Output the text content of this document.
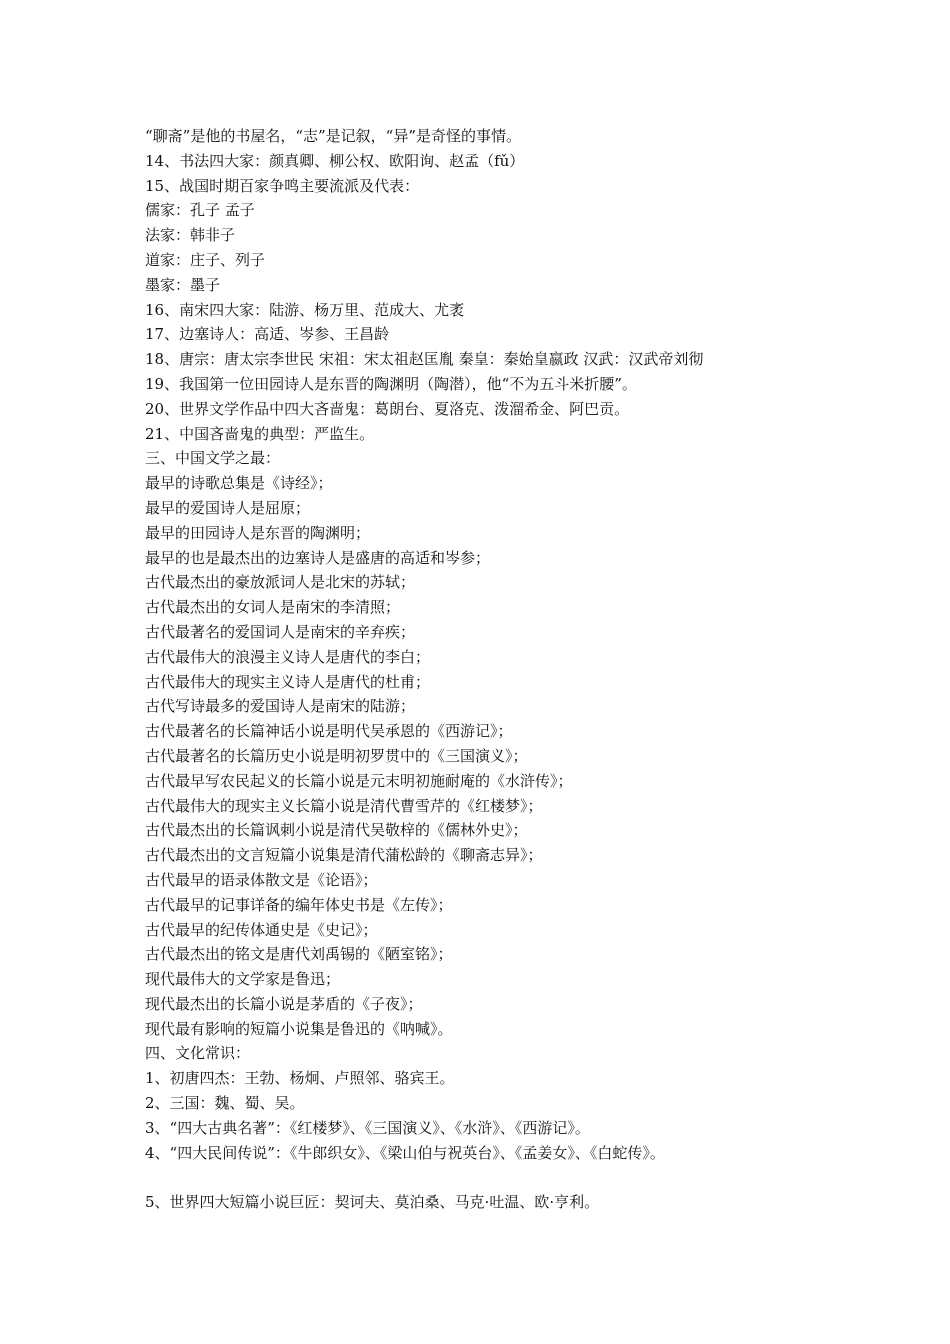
“聊斋”是他的书屋名，“志”是记叙，“异”是奇怪的事情。
14、书法四大家：颜真卿、柳公权、欧阳询、赵孟（fǔ）
15、战国时期百家争鸣主要流派及代表：
儒家：孔子 孟子
法家：韩非子
道家：庄子、列子
墨家：墨子
16、南宋四大家：陆游、杨万里、范成大、尤袤
17、边塞诗人：高适、岑参、王昌龄
18、唐宗：唐太宗李世民 宋祖：宋太祖赵匡胤 秦皇：秦始皇嬴政 汉武：汉武帝刘彻
19、我国第一位田园诗人是东晋的陶渊明（陶潜），他“不为五斗米折腰”。
20、世界文学作品中四大吝啬鬼：葛朗台、夏洛克、泼溜希金、阿巴贡。
21、中国吝啬鬼的典型：严监生。
三、中国文学之最：
最早的诗歌总集是《诗经》；
最早的爱国诗人是屈原；
最早的田园诗人是东晋的陶渊明；
最早的也是最杰出的边塞诗人是盛唐的高适和岑参；
古代最杰出的豪放派词人是北宋的苏轼；
古代最杰出的女词人是南宋的李清照；
古代最著名的爱国词人是南宋的辛弃疾；
古代最伟大的浪漫主义诗人是唐代的李白；
古代最伟大的现实主义诗人是唐代的杜甫；
古代写诗最多的爱国诗人是南宋的陆游；
古代最著名的长篇神话小说是明代吴承恩的《西游记》；
古代最著名的长篇历史小说是明初罗贯中的《三国演义》；
古代最早写农民起义的长篇小说是元末明初施耐庵的《水浒传》；
古代最伟大的现实主义长篇小说是清代曹雪芹的《红楼梦》；
古代最杰出的长篇讽刺小说是清代吴敬梓的《儒林外史》；
古代最杰出的文言短篇小说集是清代蒲松龄的《聊斋志异》；
古代最早的语录体散文是《论语》；
古代最早的记事详备的编年体史书是《左传》；
古代最早的纪传体通史是《史记》；
古代最杰出的铭文是唐代刘禹锡的《陋室铭》；
现代最伟大的文学家是鲁迅；
现代最杰出的长篇小说是茅盾的《子夜》；
现代最有影响的短篇小说集是鲁迅的《呐喊》。
四、文化常识：
1、初唐四杰：王勃、杨炯、卢照邻、骆宾王。
2、三国：魏、蜀、吴。
3、“四大古典名著”：《红楼梦》、《三国演义》、《水浒》、《西游记》。
4、“四大民间传说”：《牛郎织女》、《梁山伯与祝英台》、《孟姜女》、《白蛇传》。
5、世界四大短篇小说巨匠：契诃夫、莫泊桑、马克·吐温、欧·亨利。
